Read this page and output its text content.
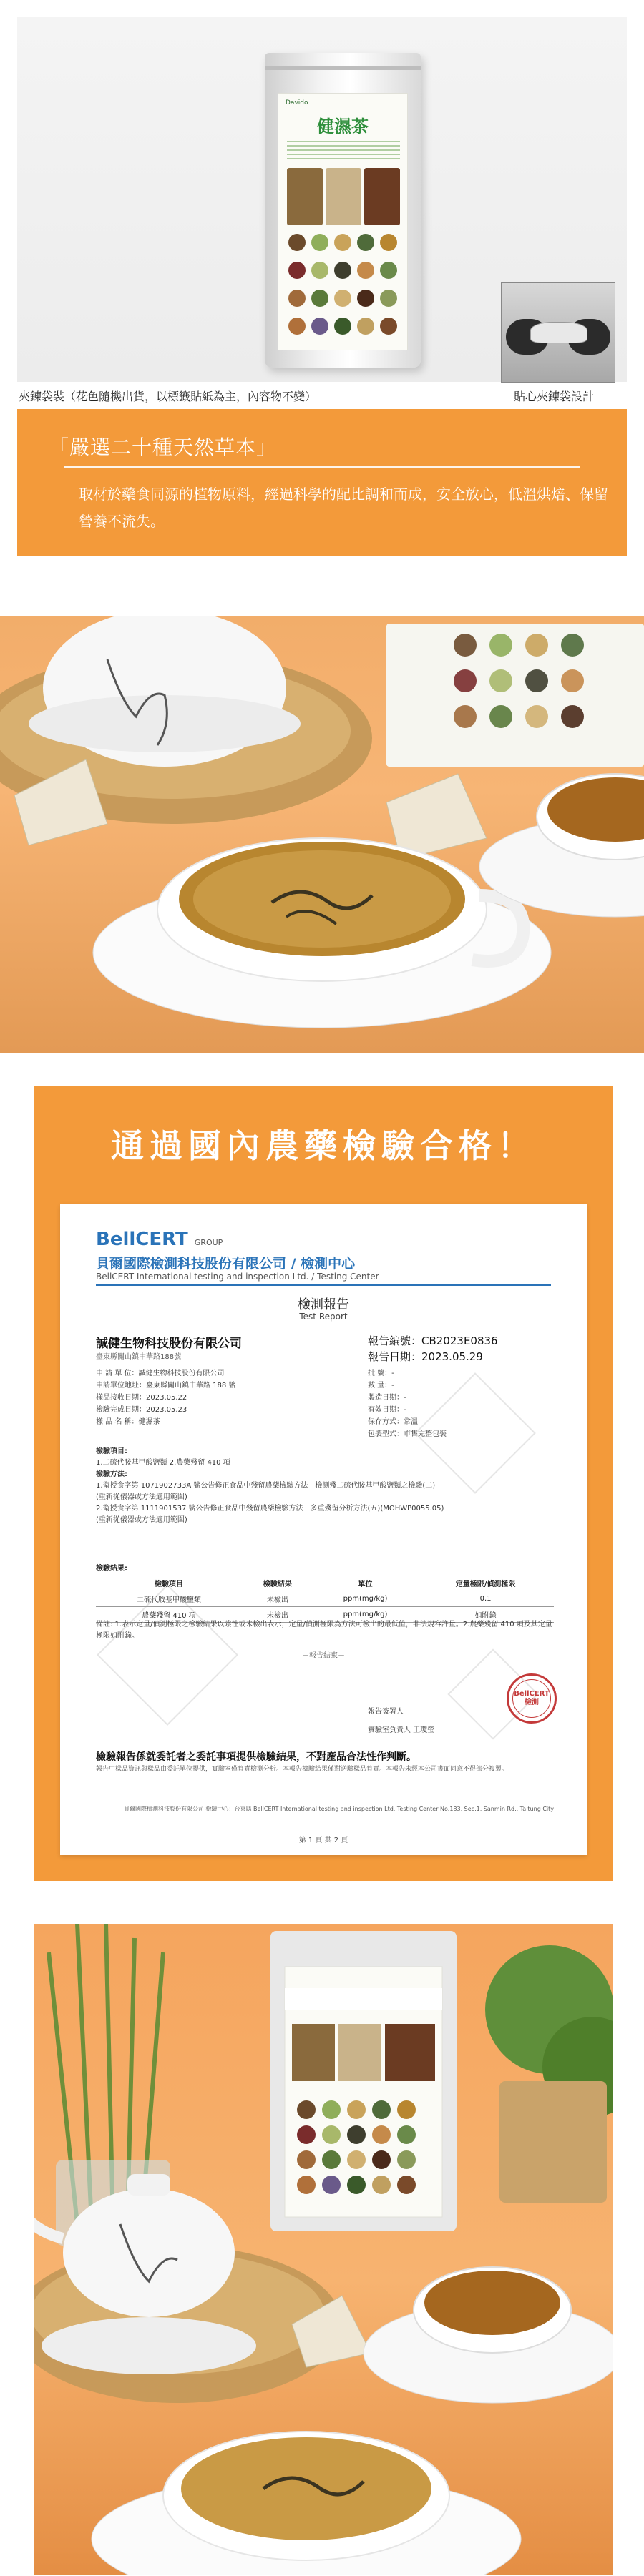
Davido
健濕茶
夾鍊袋裝（花色隨機出貨，以標籤貼紙為主，內容物不變）	貼心夾鍊袋設計
「嚴選二十種天然草本」
取材於藥食同源的植物原料，經過科學的配比調和而成，安全放心，低溫烘焙、保留營養不流失。
通過國內農藥檢驗合格！
BellCERT GROUP
貝爾國際檢測科技股份有限公司 / 檢測中心
BellCERT International testing and inspection Ltd. / Testing Center
檢測報告
Test Report
誠健生物科技股份有限公司
臺東縣關山鎮中華路188號
報告編號：CB2023E0836
報告日期：2023.05.29
申 請 單 位：誠健生物科技股份有限公司
申請單位地址：臺東縣關山鎮中華路 188 號
樣品接收日期：2023.05.22
檢驗完成日期：2023.05.23
樣 品 名 稱：健濕茶
批 號：-
數 量：-
製造日期：-
有效日期：-
保存方式：常溫
包裝型式：市售完整包裝
檢驗項目:
1.二硫代胺基甲酸鹽類 2.農藥殘留 410 項
檢驗方法:
1.衛授食字第 1071902733A 號公告修正食品中殘留農藥檢驗方法－檢測殘二硫代胺基甲酸鹽類之檢驗(二)
(重新從儀器或方法適用範圍)
2.衛授食字第 1111901537 號公告修正食品中殘留農藥檢驗方法－多重殘留分析方法(五)(MOHWP0055.05)
(重新從儀器或方法適用範圍)
檢驗結果:
檢驗項目	檢驗結果	單位	定量極限/偵測極限
二硫代胺基甲酸鹽類	未檢出	ppm(mg/kg)	0.1
農藥殘留 410 項	未檢出	ppm(mg/kg)	如附錄
備註: 1.表示定量/偵測極限之檢驗結果以陰性或未檢出表示，定量/偵測極限為方法可檢出的最低值，非法規容許量。2.農藥殘留 410 項及其定量極限如附錄。
－報告結束－
報告簽署人
實驗室負責人 王瓊瑩
BellCERT 檢測
檢驗報告係就委託者之委託事項提供檢驗結果，不對產品合法性作判斷。
報告中樣品資訊與樣品由委託單位提供，實驗室僅負責檢測分析。本報告檢驗結果僅對送驗樣品負責。本報告未經本公司書面同意不得部分複製。
貝爾國際檢測科技股份有限公司 檢驗中心：台東縣 BellCERT International testing and inspection Ltd. Testing Center No.183, Sec.1, Sanmin Rd., Taitung City
第 1 頁 共 2 頁
